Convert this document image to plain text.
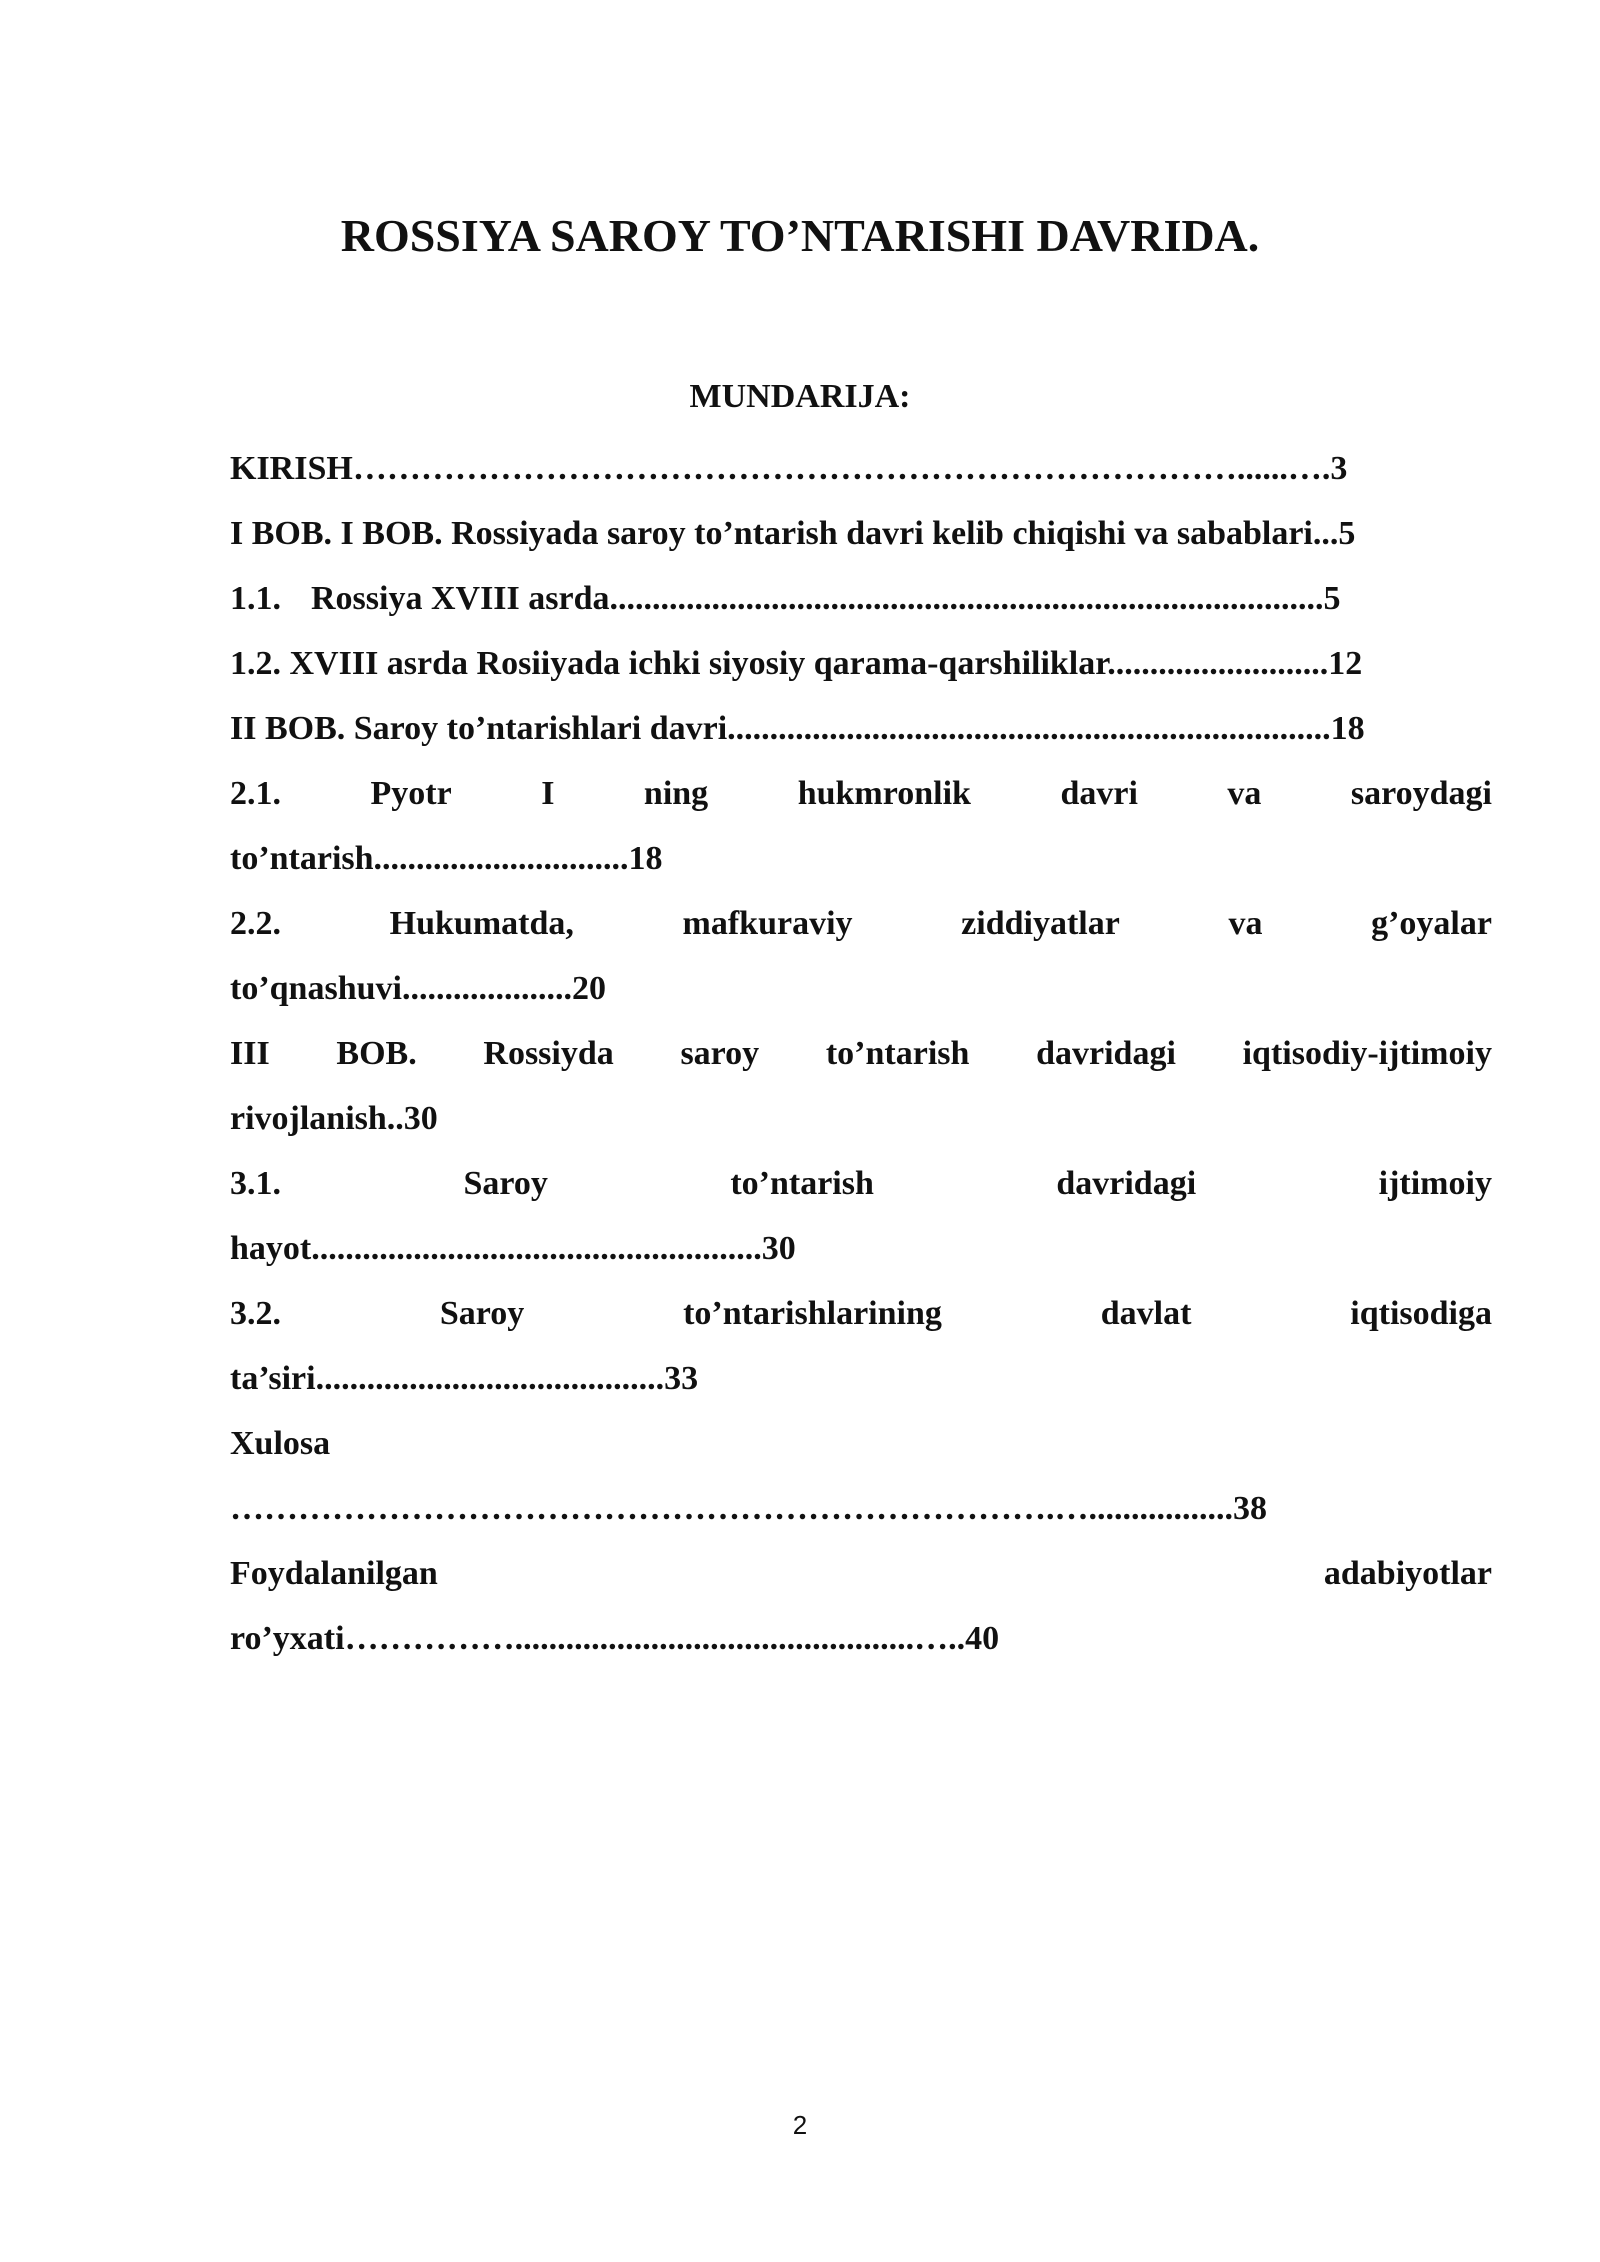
ROSSIYA SAROY TO’NTARISHI DAVRIDA.
MUNDARIJA:
KIRISH……………………………………………………………………......….3
I BOB. I BOB. Rossiyada saroy to’ntarish davri kelib chiqishi va sabablari...5
1.1. Rossiya XVIII asrda....................................................................................5
1.2. XVIII asrda Rosiiyada ichki siyosiy qarama-qarshiliklar..........................12
II BOB. Saroy to’ntarishlari davri.......................................................................18
2.1.	Pyotr	I	ning	hukmronlik	davri	va	saroydagi
to’ntarish..............................18
2.2.	Hukumatda,	mafkuraviy	ziddiyatlar	va	g’oyalar
to’qnashuvi....................20
III BOB. Rossiyda saroy to’ntarish davridagi iqtisodiy-ijtimoiy
rivojlanish..30
3.1.	Saroy	to’ntarish	davridagi	ijtimoiy
hayot.....................................................30
3.2.	Saroy	to’ntarishlarining	davlat	iqtisodiga
ta’siri.........................................33
Xulosa
……………………………………………………………….….................38
Foydalanilgan	adabiyotlar
ro’yxati……………...............................................…..40
2
